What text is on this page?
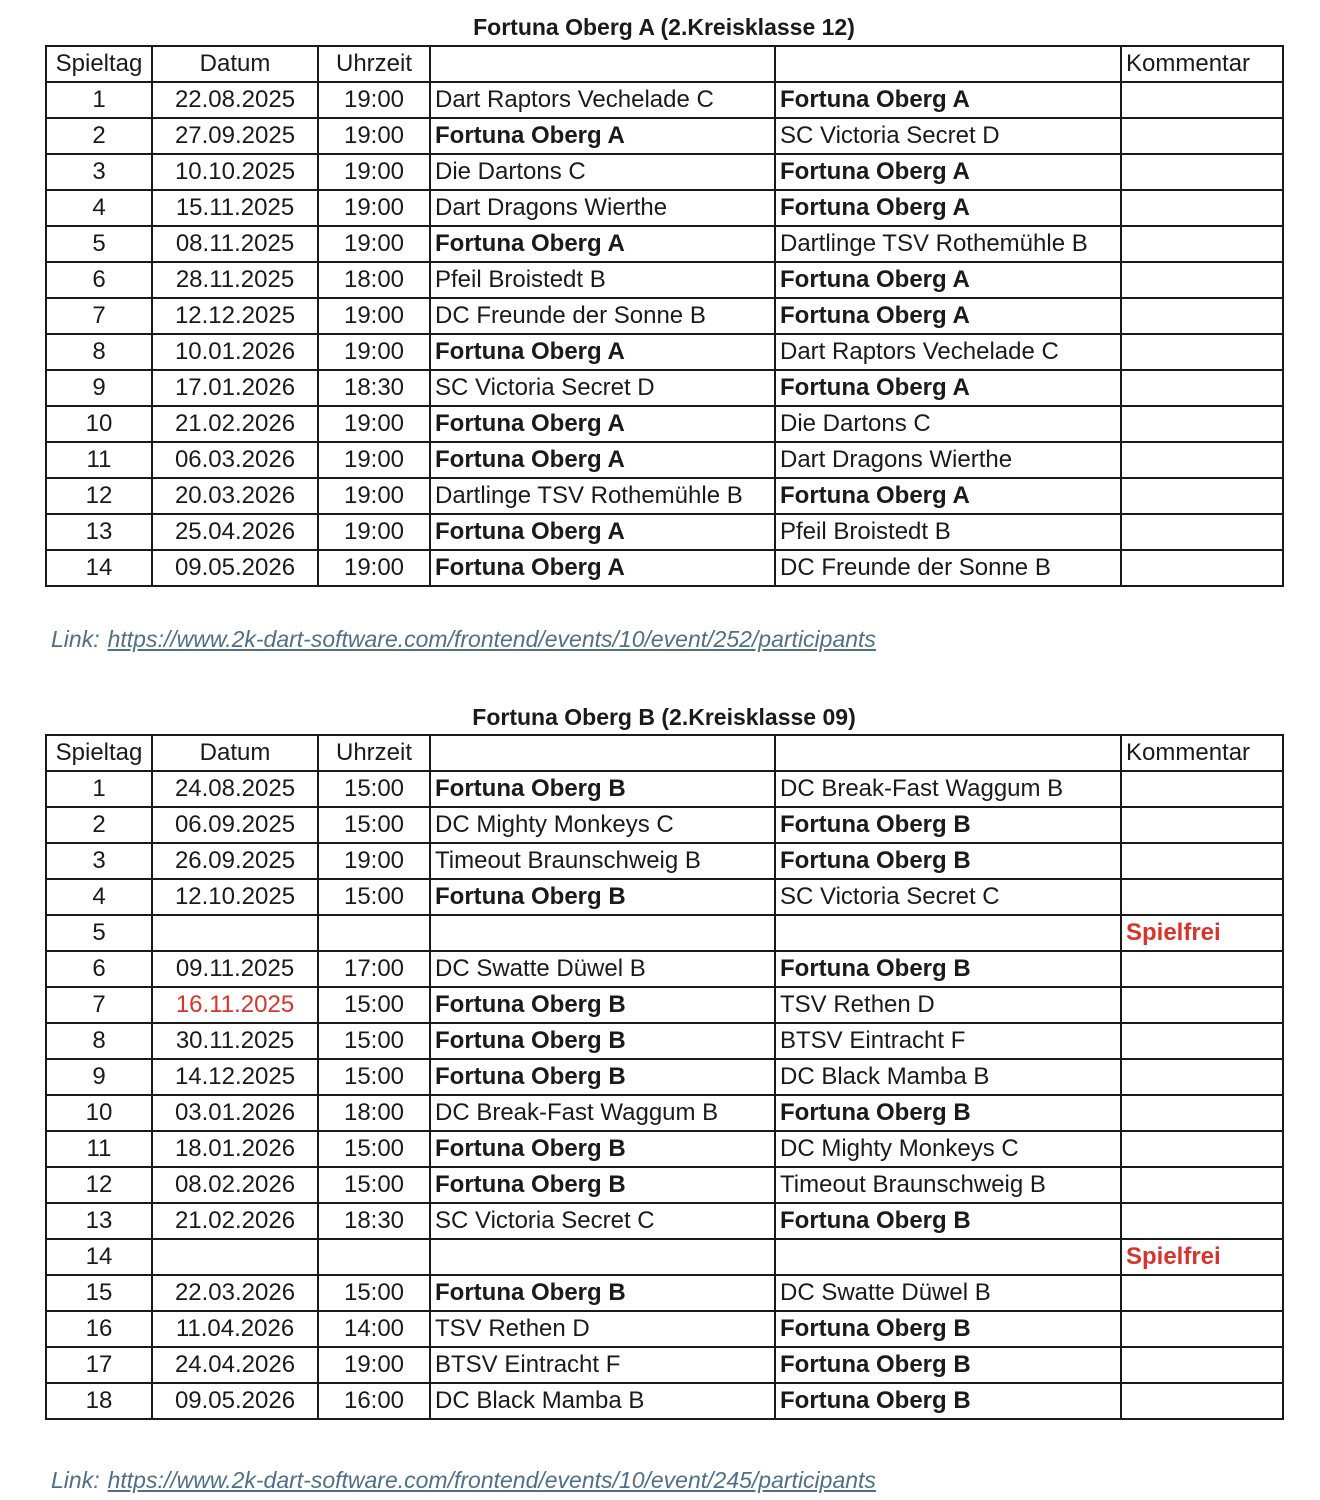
Fortuna Oberg A (2.Kreisklasse 12)
Spieltag	Datum	Uhrzeit			Kommentar
1	22.08.2025	19:00	Dart Raptors Vechelade C	Fortuna Oberg A	
2	27.09.2025	19:00	Fortuna Oberg A	SC Victoria Secret D	
3	10.10.2025	19:00	Die Dartons C	Fortuna Oberg A	
4	15.11.2025	19:00	Dart Dragons Wierthe	Fortuna Oberg A	
5	08.11.2025	19:00	Fortuna Oberg A	Dartlinge TSV Rothemühle B	
6	28.11.2025	18:00	Pfeil Broistedt B	Fortuna Oberg A	
7	12.12.2025	19:00	DC Freunde der Sonne B	Fortuna Oberg A	
8	10.01.2026	19:00	Fortuna Oberg A	Dart Raptors Vechelade C	
9	17.01.2026	18:30	SC Victoria Secret D	Fortuna Oberg A	
10	21.02.2026	19:00	Fortuna Oberg A	Die Dartons C	
11	06.03.2026	19:00	Fortuna Oberg A	Dart Dragons Wierthe	
12	20.03.2026	19:00	Dartlinge TSV Rothemühle B	Fortuna Oberg A	
13	25.04.2026	19:00	Fortuna Oberg A	Pfeil Broistedt B	
14	09.05.2026	19:00	Fortuna Oberg A	DC Freunde der Sonne B	
Link: https://www.2k-dart-software.com/frontend/events/10/event/252/participants
Fortuna Oberg B (2.Kreisklasse 09)
Spieltag	Datum	Uhrzeit			Kommentar
1	24.08.2025	15:00	Fortuna Oberg B	DC Break-Fast Waggum B	
2	06.09.2025	15:00	DC Mighty Monkeys C	Fortuna Oberg B	
3	26.09.2025	19:00	Timeout Braunschweig B	Fortuna Oberg B	
4	12.10.2025	15:00	Fortuna Oberg B	SC Victoria Secret C	
5					Spielfrei
6	09.11.2025	17:00	DC Swatte Düwel B	Fortuna Oberg B	
7	16.11.2025	15:00	Fortuna Oberg B	TSV Rethen D	
8	30.11.2025	15:00	Fortuna Oberg B	BTSV Eintracht F	
9	14.12.2025	15:00	Fortuna Oberg B	DC Black Mamba B	
10	03.01.2026	18:00	DC Break-Fast Waggum B	Fortuna Oberg B	
11	18.01.2026	15:00	Fortuna Oberg B	DC Mighty Monkeys C	
12	08.02.2026	15:00	Fortuna Oberg B	Timeout Braunschweig B	
13	21.02.2026	18:30	SC Victoria Secret C	Fortuna Oberg B	
14					Spielfrei
15	22.03.2026	15:00	Fortuna Oberg B	DC Swatte Düwel B	
16	11.04.2026	14:00	TSV Rethen D	Fortuna Oberg B	
17	24.04.2026	19:00	BTSV Eintracht F	Fortuna Oberg B	
18	09.05.2026	16:00	DC Black Mamba B	Fortuna Oberg B	
Link: https://www.2k-dart-software.com/frontend/events/10/event/245/participants
